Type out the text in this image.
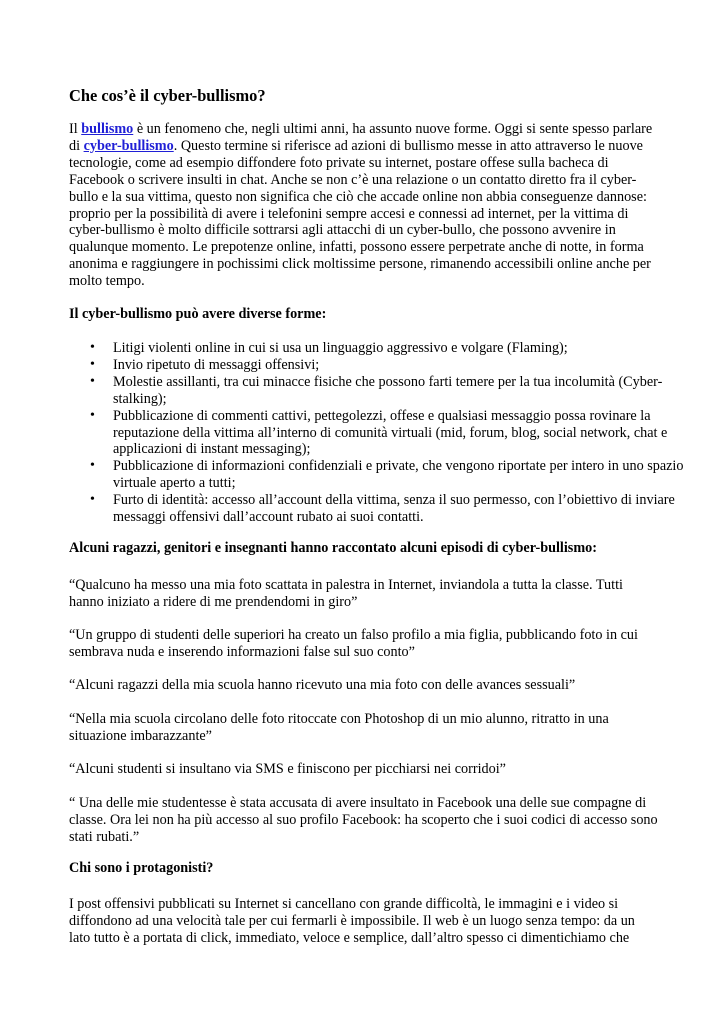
Che cos’è il cyber-bullismo?

Il bullismo è un fenomeno che, negli ultimi anni, ha assunto nuove forme. Oggi si sente spesso parlare di cyber-bullismo. Questo termine si riferisce ad azioni di bullismo messe in atto attraverso le nuove tecnologie, come ad esempio diffondere foto private su internet, postare offese sulla bacheca di Facebook o scrivere insulti in chat. Anche se non c’è una relazione o un contatto diretto fra il cyber-bullo e la sua vittima, questo non significa che ciò che accade online non abbia conseguenze dannose: proprio per la possibilità di avere i telefonini sempre accesi e connessi ad internet, per la vittima di cyber-bullismo è molto difficile sottrarsi agli attacchi di un cyber-bullo, che possono avvenire in qualunque momento. Le prepotenze online, infatti, possono essere perpetrate anche di notte, in forma anonima e raggiungere in pochissimi click moltissime persone, rimanendo accessibili online anche per molto tempo.

Il cyber-bullismo può avere diverse forme:
• Litigi violenti online in cui si usa un linguaggio aggressivo e volgare (Flaming);
• Invio ripetuto di messaggi offensivi;
• Molestie assillanti, tra cui minacce fisiche che possono farti temere per la tua incolumità (Cyber-stalking);
• Pubblicazione di commenti cattivi, pettegolezzi, offese e qualsiasi messaggio possa rovinare la reputazione della vittima all’interno di comunità virtuali (mid, forum, blog, social network, chat e applicazioni di instant messaging);
• Pubblicazione di informazioni confidenziali e private, che vengono riportate per intero in uno spazio virtuale aperto a tutti;
• Furto di identità: accesso all’account della vittima, senza il suo permesso, con l’obiettivo di inviare messaggi offensivi dall’account rubato ai suoi contatti.
Alcuni ragazzi, genitori e insegnanti hanno raccontato alcuni episodi di cyber-bullismo:

“Qualcuno ha messo una mia foto scattata in palestra in Internet, inviandola a tutta la classe. Tutti hanno iniziato a ridere di me prendendomi in giro”

“Un gruppo di studenti delle superiori ha creato un falso profilo a mia figlia, pubblicando foto in cui sembrava nuda e inserendo informazioni false sul suo conto”

“Alcuni ragazzi della mia scuola hanno ricevuto una mia foto con delle avances sessuali”

“Nella mia scuola circolano delle foto ritoccate con Photoshop di un mio alunno, ritratto in una situazione imbarazzante”

“Alcuni studenti si insultano via SMS e finiscono per picchiarsi nei corridoi”

“ Una delle mie studentesse è stata accusata di avere insultato in Facebook una delle sue compagne di classe. Ora lei non ha più accesso al suo profilo Facebook: ha scoperto che i suoi codici di accesso sono stati rubati.”

Chi sono i protagonisti?

I post offensivi pubblicati su Internet si cancellano con grande difficoltà, le immagini e i video si diffondono ad una velocità tale per cui fermarli è impossibile. Il web è un luogo senza tempo: da un lato tutto è a portata di click, immediato, veloce e semplice, dall’altro spesso ci dimentichiamo che
